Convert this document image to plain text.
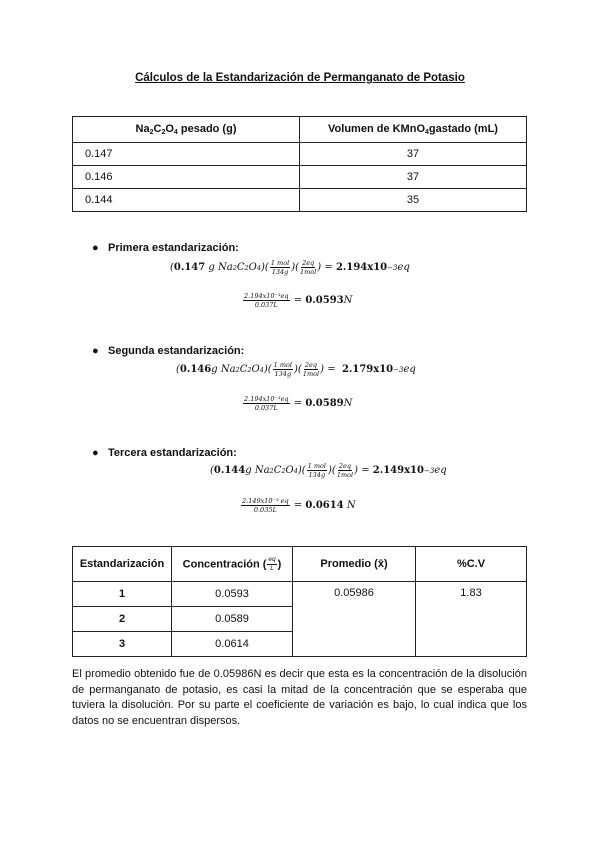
Cálculos de la Estandarización de Permanganato de Potasio
$Na_2C_2O_4$ pesado (g)	Volumen de KMnO$_4$gastado (mL)
0.147	37
0.146	37
0.144	35
● Primera estandarización:
( 0.147
g
Na 2 C 2 O 4 )( $\frac{\text{1 mol}}{134g}$ )( $\frac{2eq}{\text{1mol}}$ ) = 2.194x10 −3 eq
$\frac{\text{2.194x10⁻³eq}}{0.037L} = 0.0593$ N
● Segunda estandarización:
( 0.146 g
Na 2 C 2 O 4 )( $\frac{\text{1 mol}}{134g}$ )( $\frac{2eq}{\text{1mol}}$ ) = 2.179x10 −3 eq
$\frac{\text{2.194x10⁻³eq}}{0.037L} = 0.0589$ N
● Tercera estandarización:
( 0.144 g
Na 2 C 2 O 4 )( $\frac{\text{1 mol}}{134g}$ )( $\frac{2eq}{\text{1mol}}$ ) = 2.149x10 −3 eq
$\frac{\text{2.149x10⁻³ eq}}{0.035L} = 0.0614$
N
Estandarización	Concentración ( $\frac{eq}{L}$ )	Promedio (x̄)	%C.V
1	0.0593	0.05986	1.83
2	0.0589		
3	0.0614		
El promedio obtenido fue de 0.05986N es decir que esta es la concentración de la disolución de permanganato de potasio, es casi la mitad de la concentración que se esperaba que tuviera la disolución. Por su parte el coeficiente de variación es bajo, lo cual indica que los datos no se encuentran dispersos.
